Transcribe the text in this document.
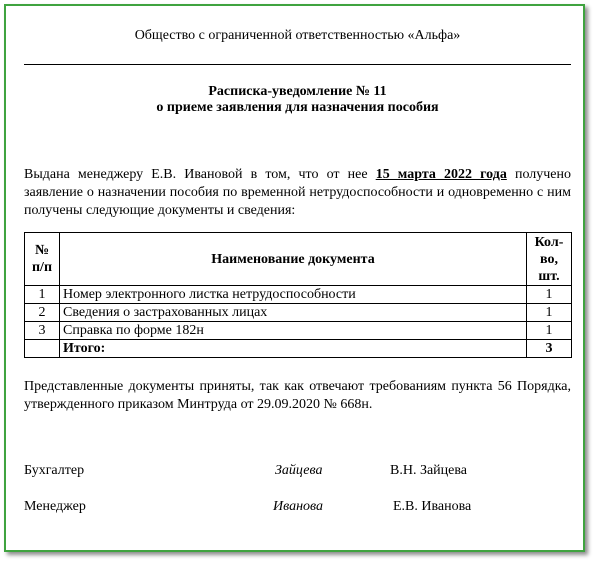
Общество с ограниченной ответственностью «Альфа»
Расписка-уведомление № 11
о приеме заявления для назначения пособия
Выдана менеджеру Е.В. Ивановой в том, что от нее 15 марта 2022 года получено заявление о назначении пособия по временной нетрудоспособности и одновременно с ним получены следующие документы и сведения:
№ п/п	Наименование документа	Кол-во, шт.
1	Номер электронного листка нетрудоспособности	1
2	Сведения о застрахованных лицах	1
3	Справка по форме 182н	1
	Итого:	3
Представленные документы приняты, так как отвечают требованиям пункта 56 Порядка, утвержденного приказом Минтруда от 29.09.2020 № 668н.
Бухгалтер	Зайцева	В.Н. Зайцева
Менеджер	Иванова	Е.В. Иванова
